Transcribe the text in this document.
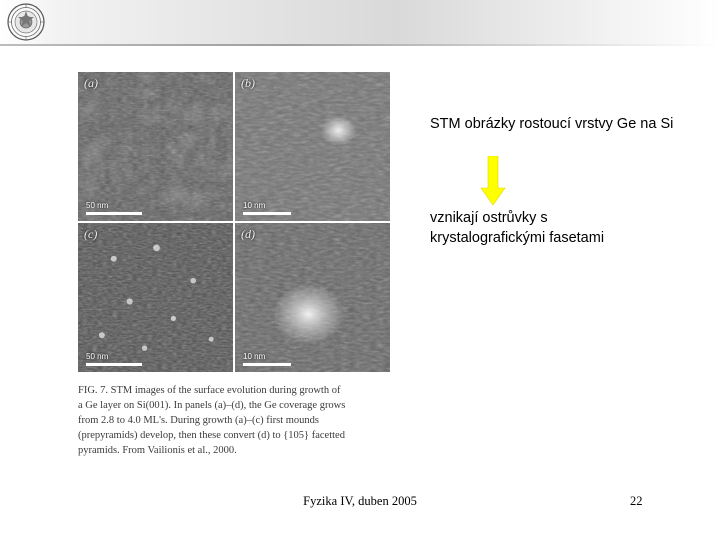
(a)
50 nm
(b)
10 nm
(c)
50 nm
(d)
10 nm
FIG. 7. STM images of the surface evolution during growth of
a Ge layer on Si(001). In panels (a)–(d), the Ge coverage grows
from 2.8 to 4.0 ML's. During growth (a)–(c) first mounds
(prepyramids) develop, then these convert (d) to {105} facetted
pyramids. From Vailionis et al., 2000.
STM obrázky rostoucí vrstvy Ge na Si
vznikají ostrůvky s
krystalografickými fasetami
Fyzika IV, duben 2005	22
